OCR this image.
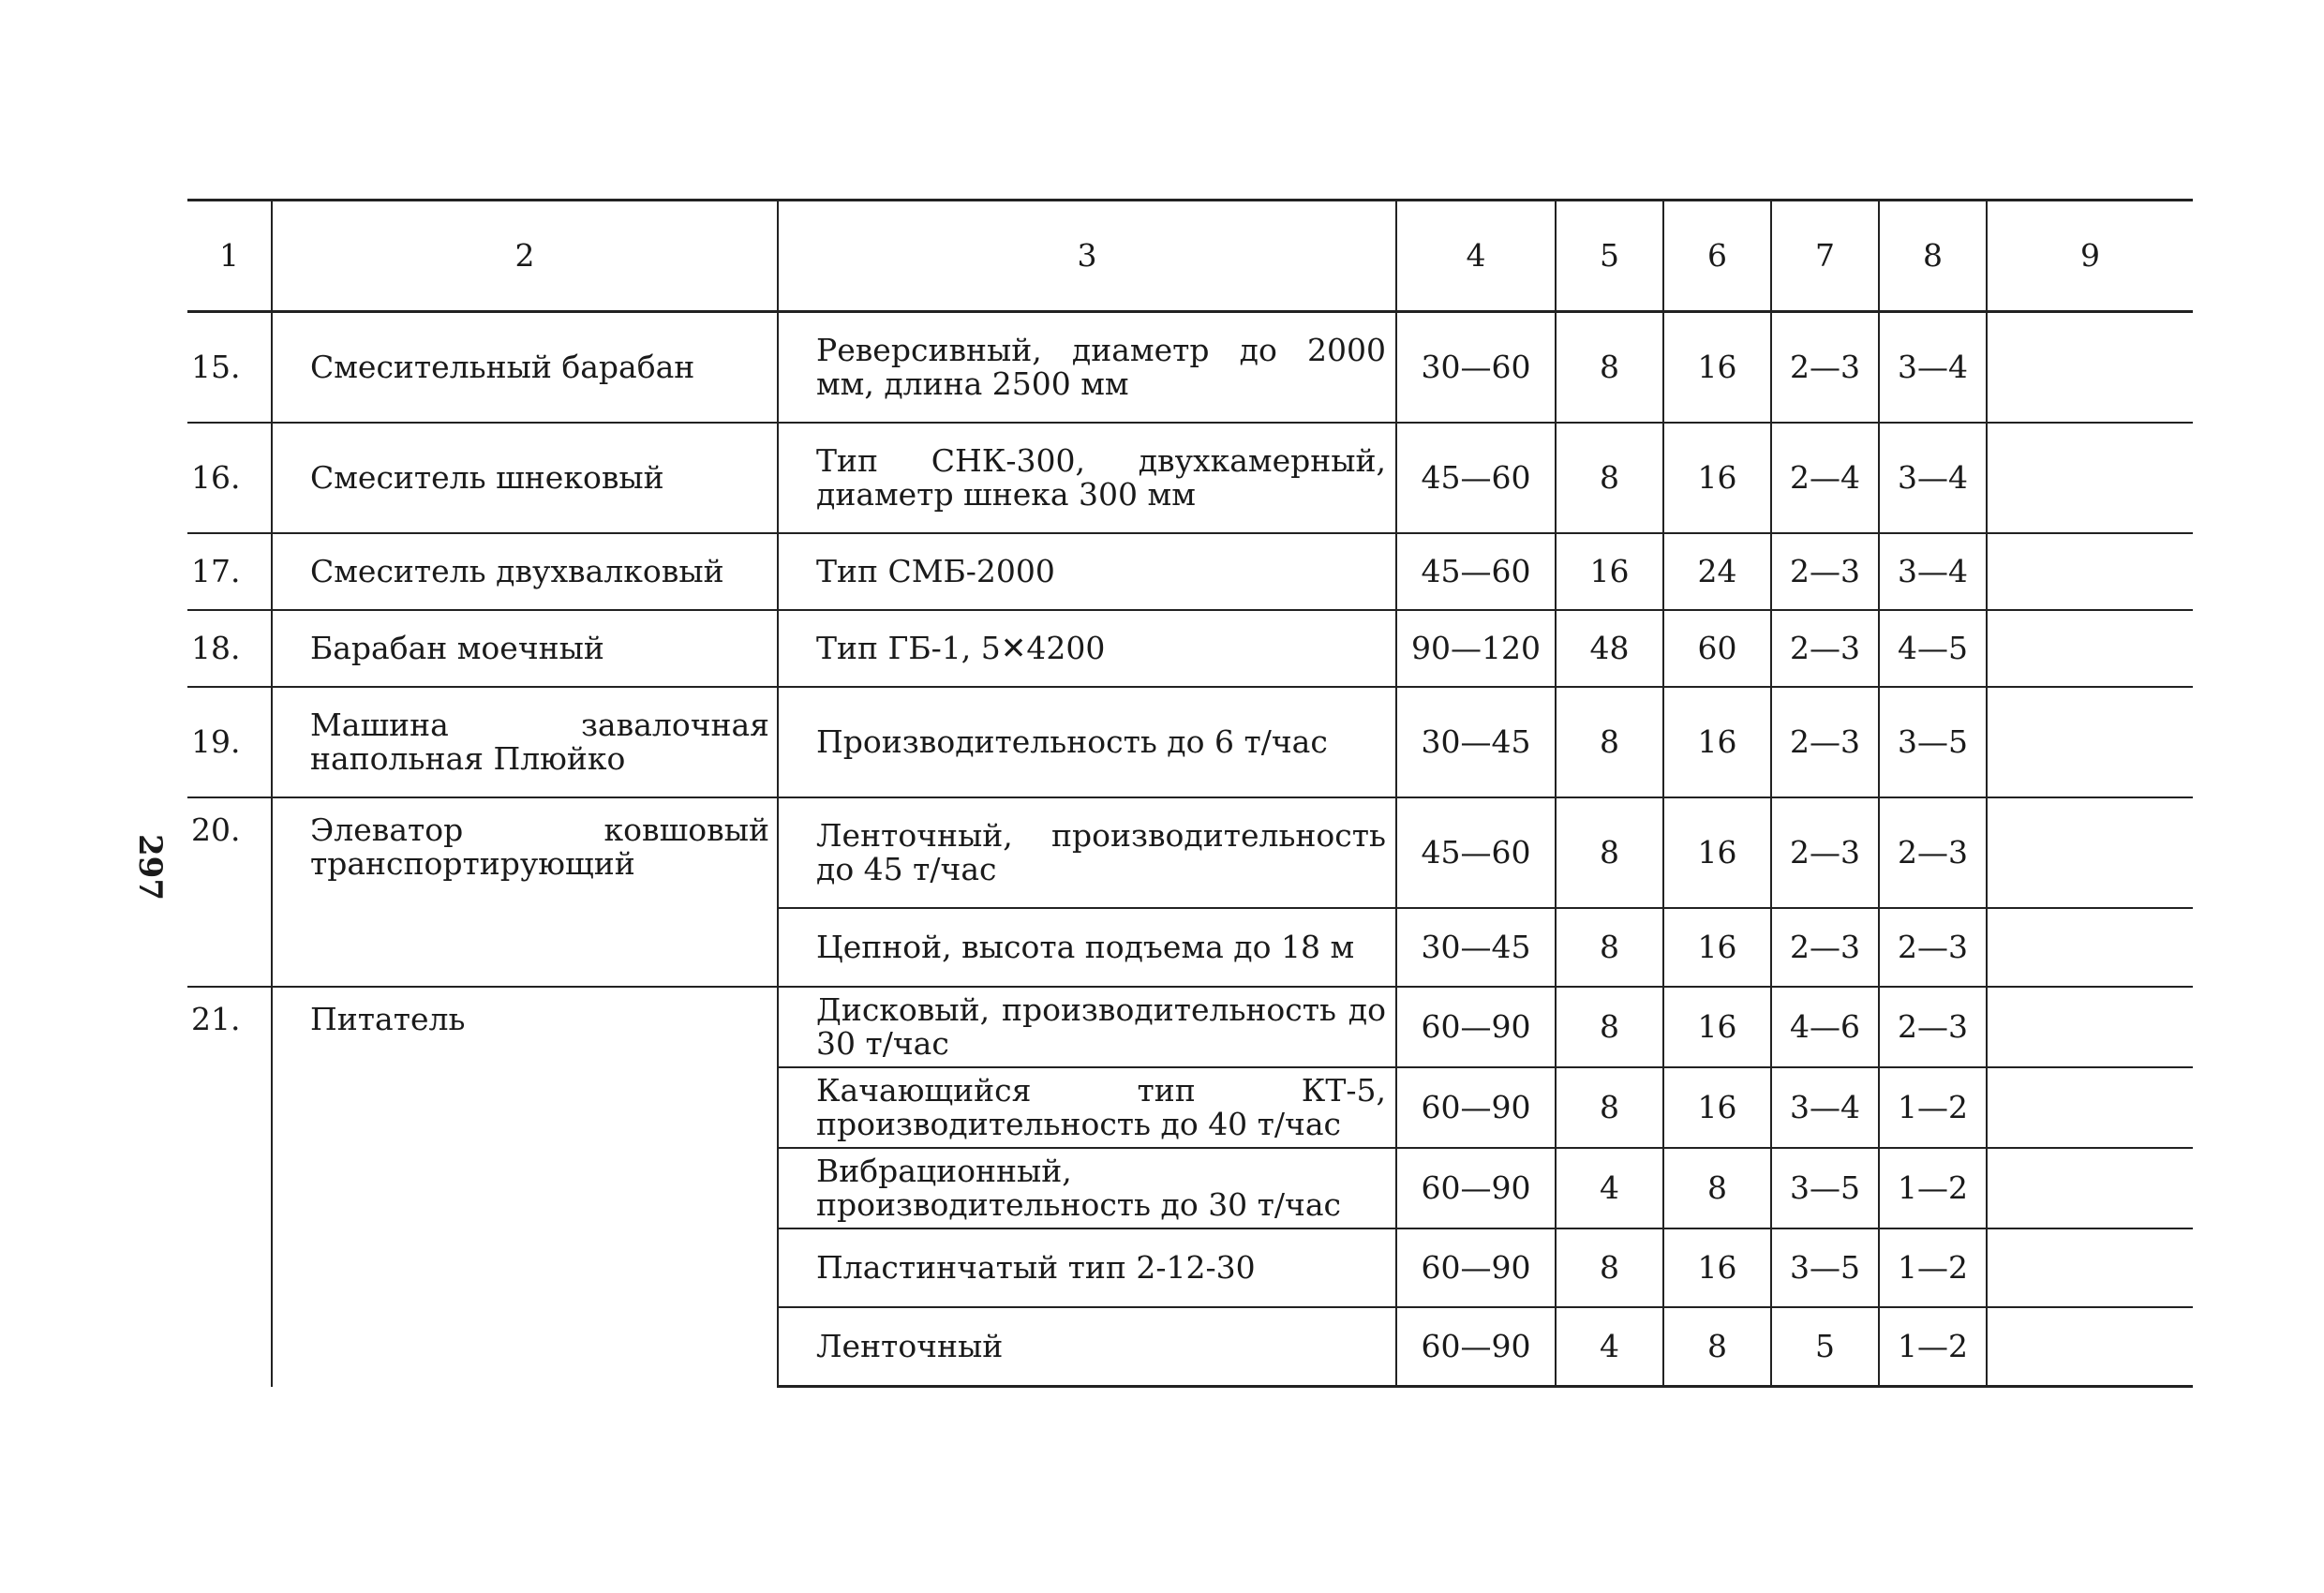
297
1	2	3	4	5	6	7	8	9
15.	Смесительный барабан	Реверсивный, диаметр до 2000 мм, длина 2500 мм	30—60	8	16	2—3	3—4	
16.	Смеситель шнековый	Тип СНК-300, двухкамерный, диаметр шнека 300 мм	45—60	8	16	2—4	3—4	
17.	Смеситель двухвалковый	Тип СМБ-2000	45—60	16	24	2—3	3—4	
18.	Барабан моечный	Тип ГБ-1, 5✕4200	90—120	48	60	2—3	4—5	
19.	Машина завалочная напольная Плюйко	Производительность до 6 т/час	30—45	8	16	2—3	3—5	
20.	Элеватор ковшовый транспортирующий	Ленточный, производительность до 45 т/час	45—60	8	16	2—3	2—3	
		Цепной, высота подъема до 18 м	30—45	8	16	2—3	2—3	
21.	Питатель	Дисковый, производительность до 30 т/час	60—90	8	16	4—6	2—3	
		Качающийся тип КТ-5, производительность до 40 т/час	60—90	8	16	3—4	1—2	
		Вибрационный, производительность до 30 т/час	60—90	4	8	3—5	1—2	
		Пластинчатый тип 2-12-30	60—90	8	16	3—5	1—2	
		Ленточный	60—90	4	8	5	1—2	
